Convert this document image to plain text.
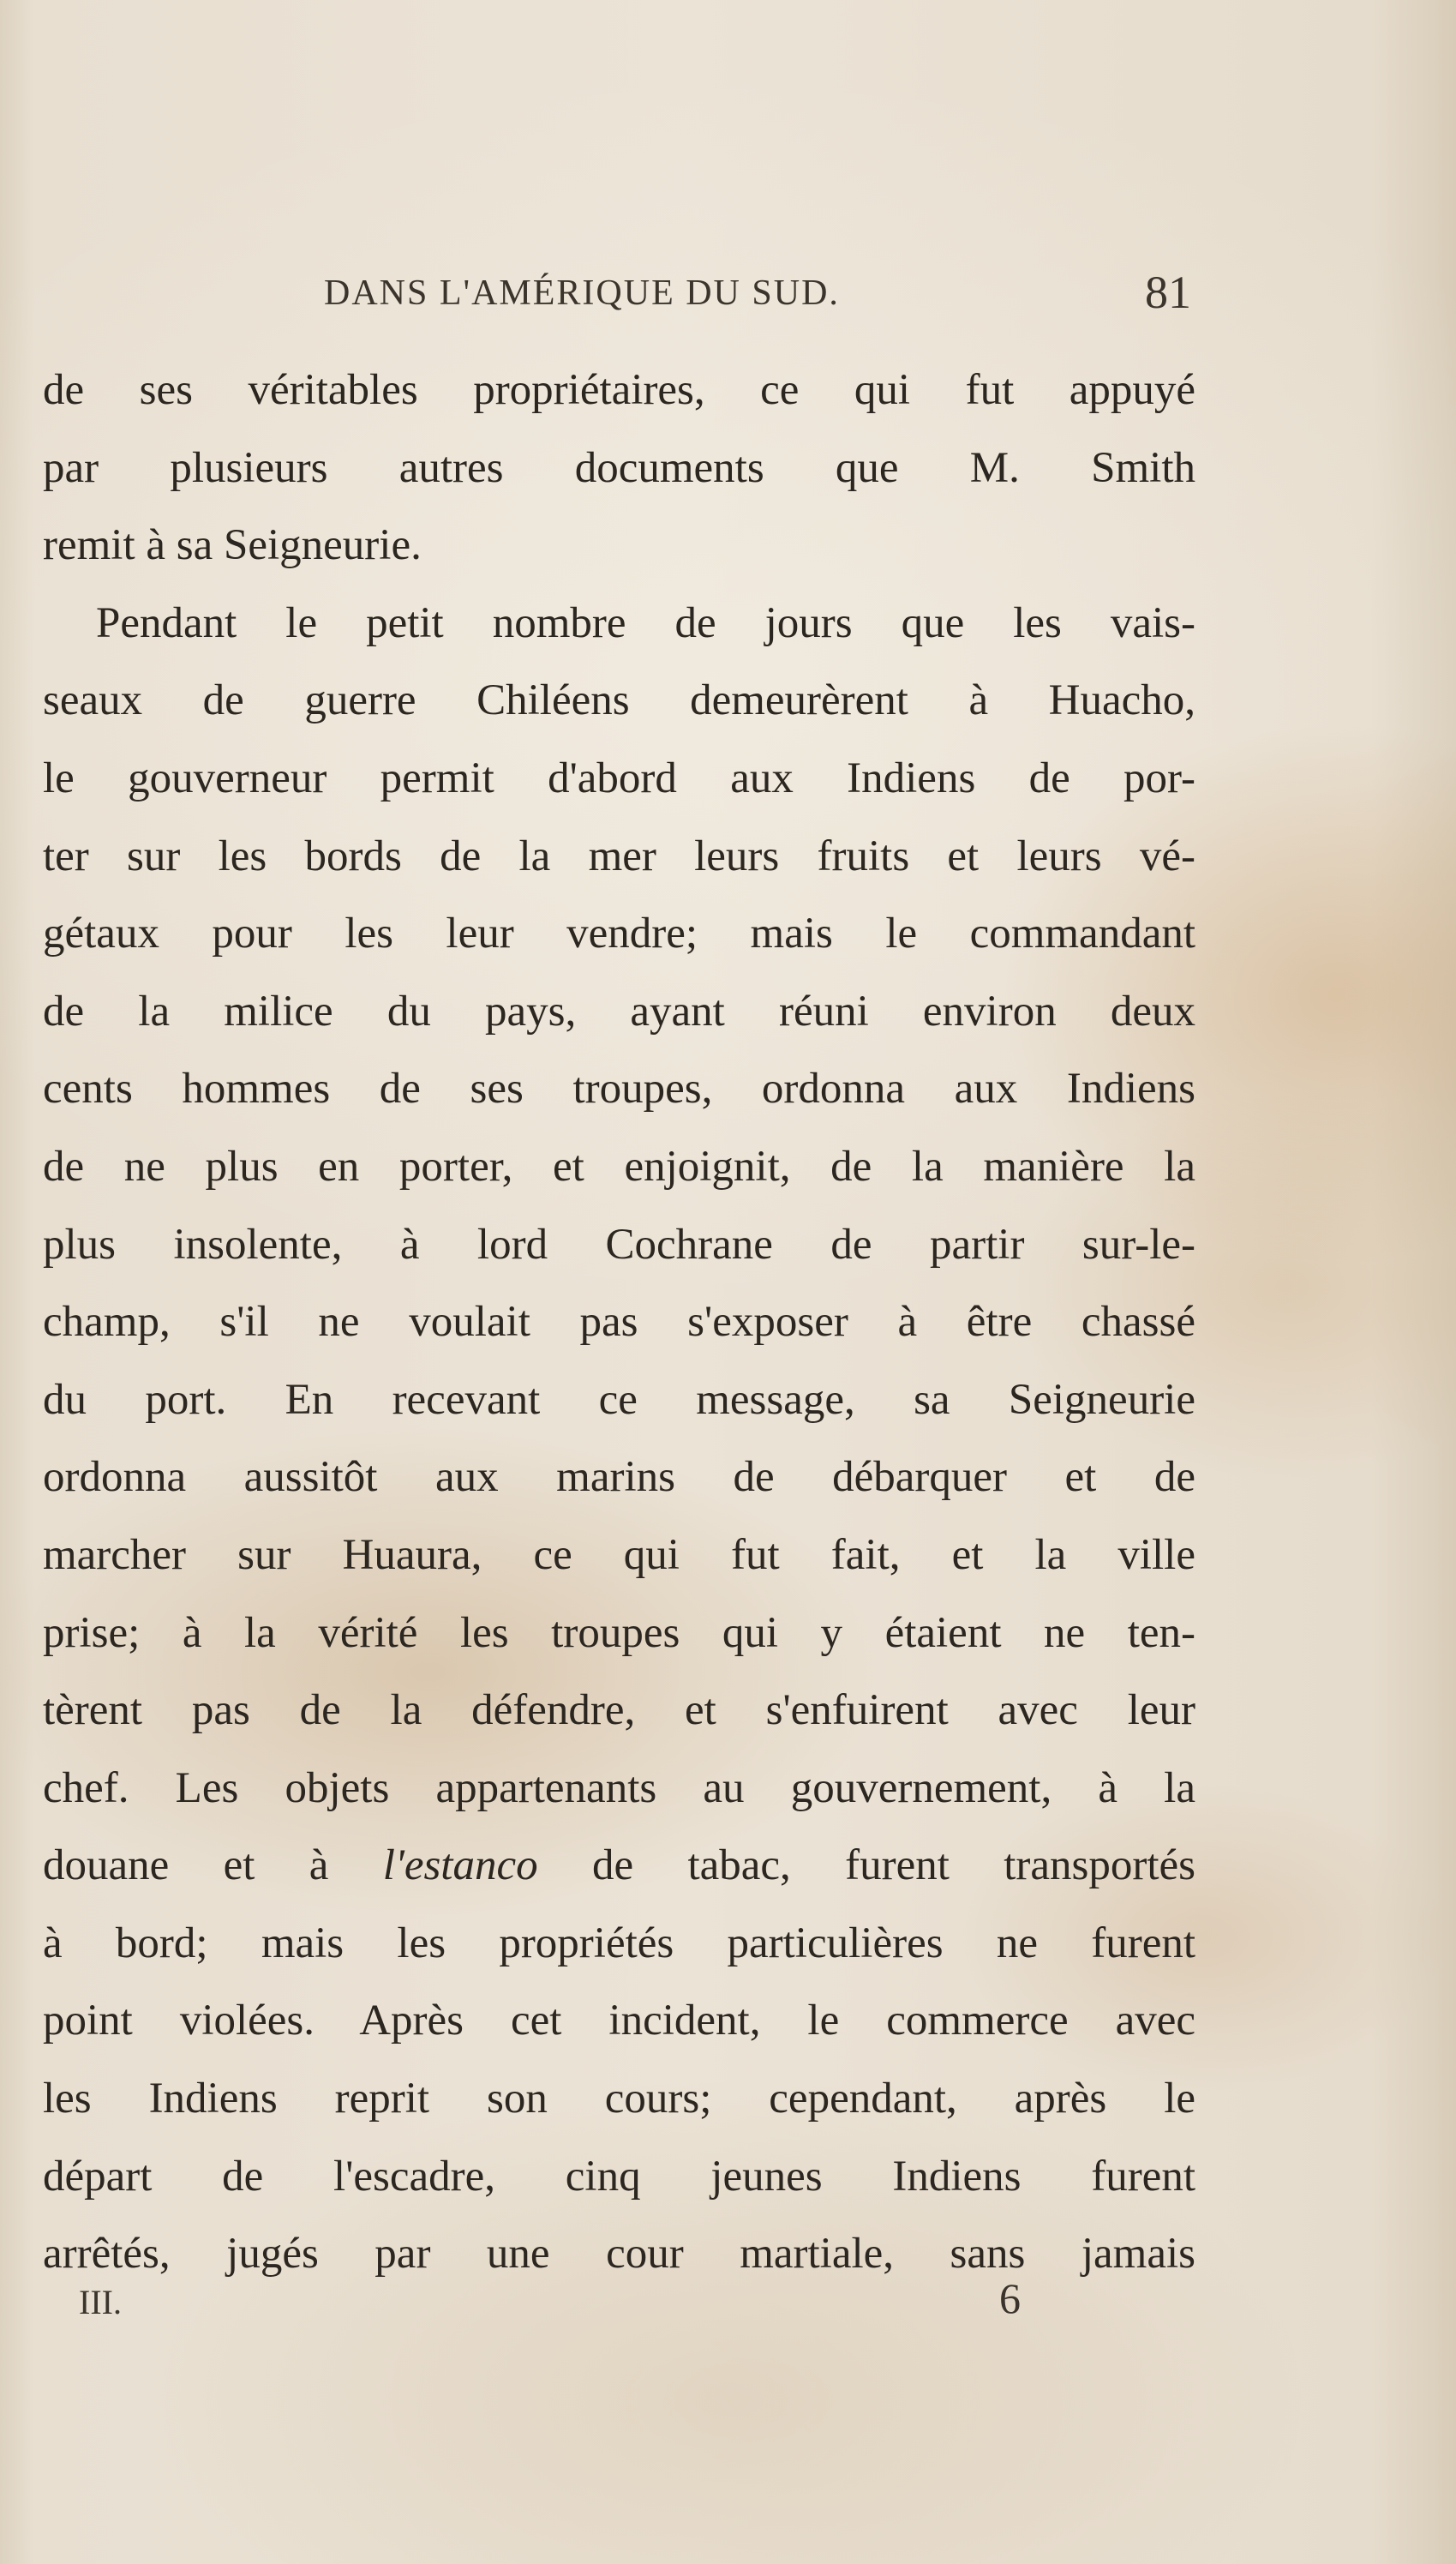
DANS L'AMÉRIQUE DU SUD.	81
de ses véritables propriétaires, ce qui fut appuyé
par plusieurs autres documents que M. Smith
remit à sa Seigneurie.
Pendant le petit nombre de jours que les vais-
seaux de guerre Chiléens demeurèrent à Huacho,
le gouverneur permit d'abord aux Indiens de por-
ter sur les bords de la mer leurs fruits et leurs vé-
gétaux pour les leur vendre; mais le commandant
de la milice du pays, ayant réuni environ deux
cents hommes de ses troupes, ordonna aux Indiens
de ne plus en porter, et enjoignit, de la manière la
plus insolente, à lord Cochrane de partir sur-le-
champ, s'il ne voulait pas s'exposer à être chassé
du port. En recevant ce message, sa Seigneurie
ordonna aussitôt aux marins de débarquer et de
marcher sur Huaura, ce qui fut fait, et la ville
prise; à la vérité les troupes qui y étaient ne ten-
tèrent pas de la défendre, et s'enfuirent avec leur
chef. Les objets appartenants au gouvernement, à la
douane et à l'estanco de tabac, furent transportés
à bord; mais les propriétés particulières ne furent
point violées. Après cet incident, le commerce avec
les Indiens reprit son cours; cependant, après le
départ de l'escadre, cinq jeunes Indiens furent
arrêtés, jugés par une cour martiale, sans jamais
III.	6
